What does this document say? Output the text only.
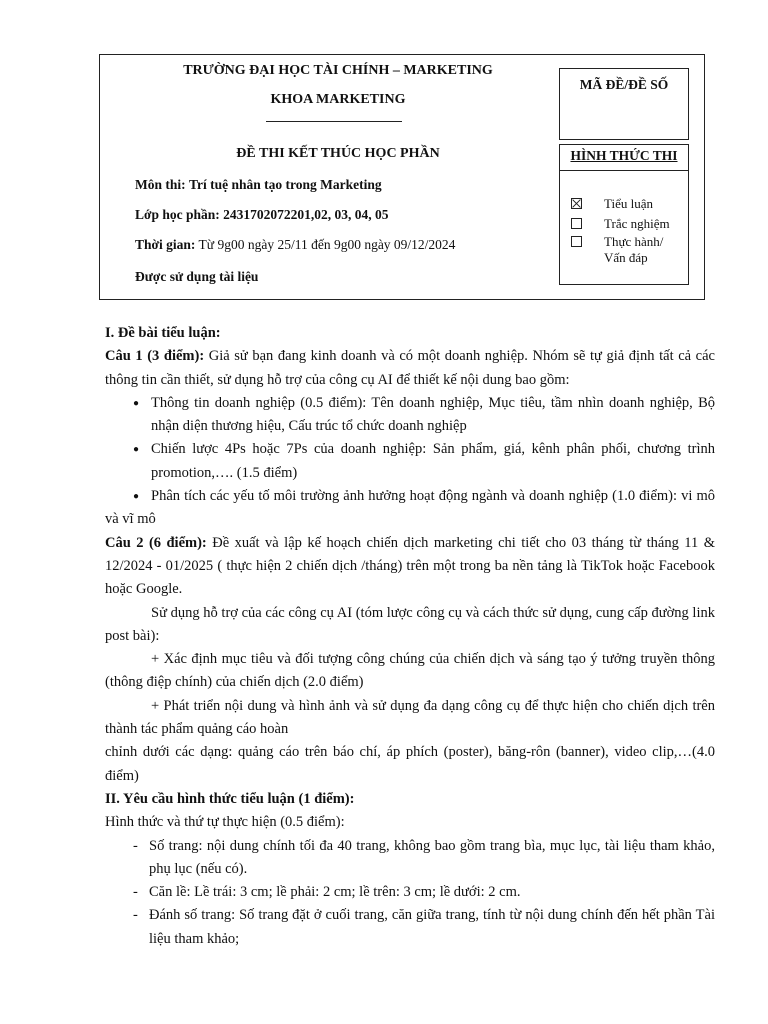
TRƯỜNG ĐẠI HỌC TÀI CHÍNH – MARKETING
KHOA MARKETING
ĐỀ THI KẾT THÚC HỌC PHẦN
Môn thi: Trí tuệ nhân tạo trong Marketing
Lớp học phần: 2431702072201,02, 03, 04, 05
Thời gian: Từ 9g00 ngày 25/11 đến 9g00 ngày 09/12/2024
Được sử dụng tài liệu
MÃ ĐỀ/ĐỀ SỐ
HÌNH THỨC THI
Tiểu luận
Trắc nghiệm
Thực hành/ Vấn đáp

I. Đề bài tiểu luận:

Câu 1 (3 điểm): Giả sử bạn đang kinh doanh và có một doanh nghiệp. Nhóm sẽ tự giả định tất cả các thông tin cần thiết, sử dụng hỗ trợ của công cụ AI để thiết kế nội dung bao gồm:

● Thông tin doanh nghiệp (0.5 điểm): Tên doanh nghiệp, Mục tiêu, tầm nhìn doanh nghiệp, Bộ nhận diện thương hiệu, Cấu trúc tổ chức doanh nghiệp
● Chiến lược 4Ps hoặc 7Ps của doanh nghiệp: Sản phẩm, giá, kênh phân phối, chương trình promotion,…. (1.5 điểm)
● Phân tích các yếu tố môi trường ảnh hưởng hoạt động ngành và doanh nghiệp (1.0 điểm): vi mô và vĩ mô

Câu 2 (6 điểm): Đề xuất và lập kế hoạch chiến dịch marketing chi tiết cho 03 tháng từ tháng 11 & 12/2024 - 01/2025 ( thực hiện 2 chiến dịch /tháng) trên một trong ba nền tảng là TikTok hoặc Facebook hoặc Google.

Sử dụng hỗ trợ của các công cụ AI (tóm lược công cụ và cách thức sử dụng, cung cấp đường link post bài):

+ Xác định mục tiêu và đối tượng công chúng của chiến dịch và sáng tạo ý tưởng truyền thông (thông điệp chính) của chiến dịch (2.0 điểm)

+ Phát triển nội dung và hình ảnh và sử dụng đa dạng công cụ để thực hiện cho chiến dịch trên thành tác phẩm quảng cáo hoàn

chỉnh dưới các dạng: quảng cáo trên báo chí, áp phích (poster), băng-rôn (banner), video clip,…(4.0 điểm)

II. Yêu cầu hình thức tiểu luận (1 điểm):

Hình thức và thứ tự thực hiện (0.5 điểm):

- Số trang: nội dung chính tối đa 40 trang, không bao gồm trang bìa, mục lục, tài liệu tham khảo, phụ lục (nếu có).
- Căn lề: Lề trái: 3 cm; lề phải: 2 cm; lề trên: 3 cm; lề dưới: 2 cm.
- Đánh số trang: Số trang đặt ở cuối trang, căn giữa trang, tính từ nội dung chính đến hết phần Tài liệu tham khảo;
